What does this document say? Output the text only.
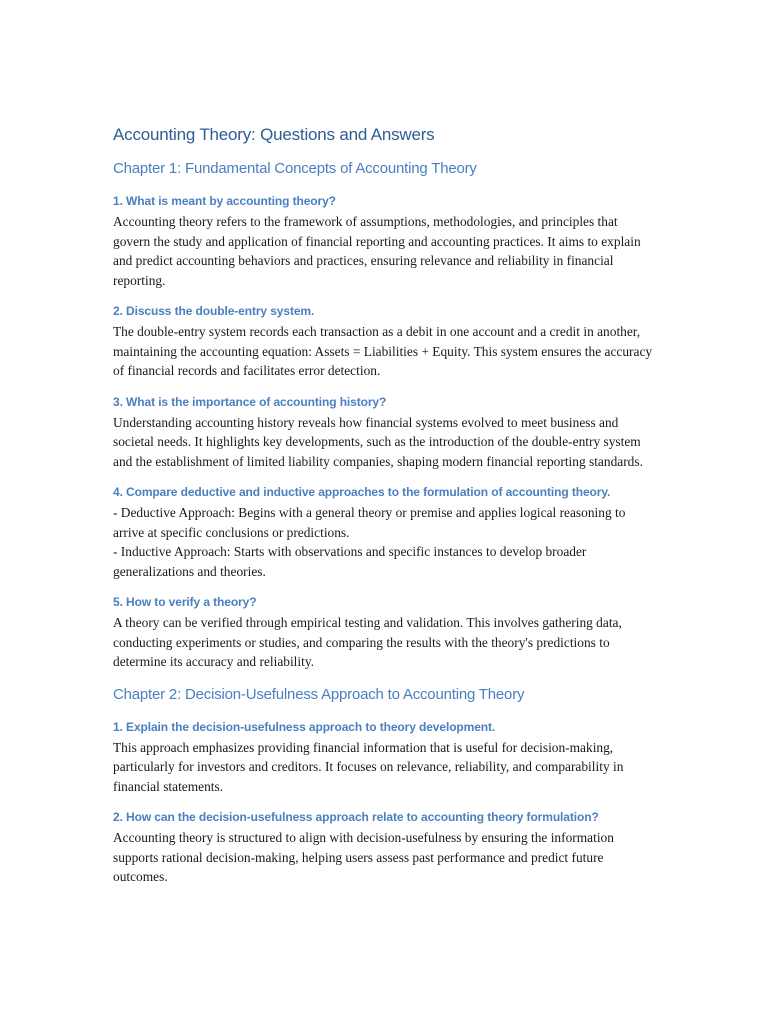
Accounting Theory: Questions and Answers
Chapter 1: Fundamental Concepts of Accounting Theory

1. What is meant by accounting theory?

Accounting theory refers to the framework of assumptions, methodologies, and principles that govern the study and application of financial reporting and accounting practices. It aims to explain and predict accounting behaviors and practices, ensuring relevance and reliability in financial reporting.

2. Discuss the double-entry system.

The double-entry system records each transaction as a debit in one account and a credit in another, maintaining the accounting equation: Assets = Liabilities + Equity. This system ensures the accuracy of financial records and facilitates error detection.

3. What is the importance of accounting history?

Understanding accounting history reveals how financial systems evolved to meet business and societal needs. It highlights key developments, such as the introduction of the double-entry system and the establishment of limited liability companies, shaping modern financial reporting standards.

4. Compare deductive and inductive approaches to the formulation of accounting theory.

- Deductive Approach: Begins with a general theory or premise and applies logical reasoning to arrive at specific conclusions or predictions.
- Inductive Approach: Starts with observations and specific instances to develop broader generalizations and theories.

5. How to verify a theory?

A theory can be verified through empirical testing and validation. This involves gathering data, conducting experiments or studies, and comparing the results with the theory's predictions to determine its accuracy and reliability.

Chapter 2: Decision-Usefulness Approach to Accounting Theory

1. Explain the decision-usefulness approach to theory development.

This approach emphasizes providing financial information that is useful for decision-making, particularly for investors and creditors. It focuses on relevance, reliability, and comparability in financial statements.

2. How can the decision-usefulness approach relate to accounting theory formulation?

Accounting theory is structured to align with decision-usefulness by ensuring the information supports rational decision-making, helping users assess past performance and predict future outcomes.
